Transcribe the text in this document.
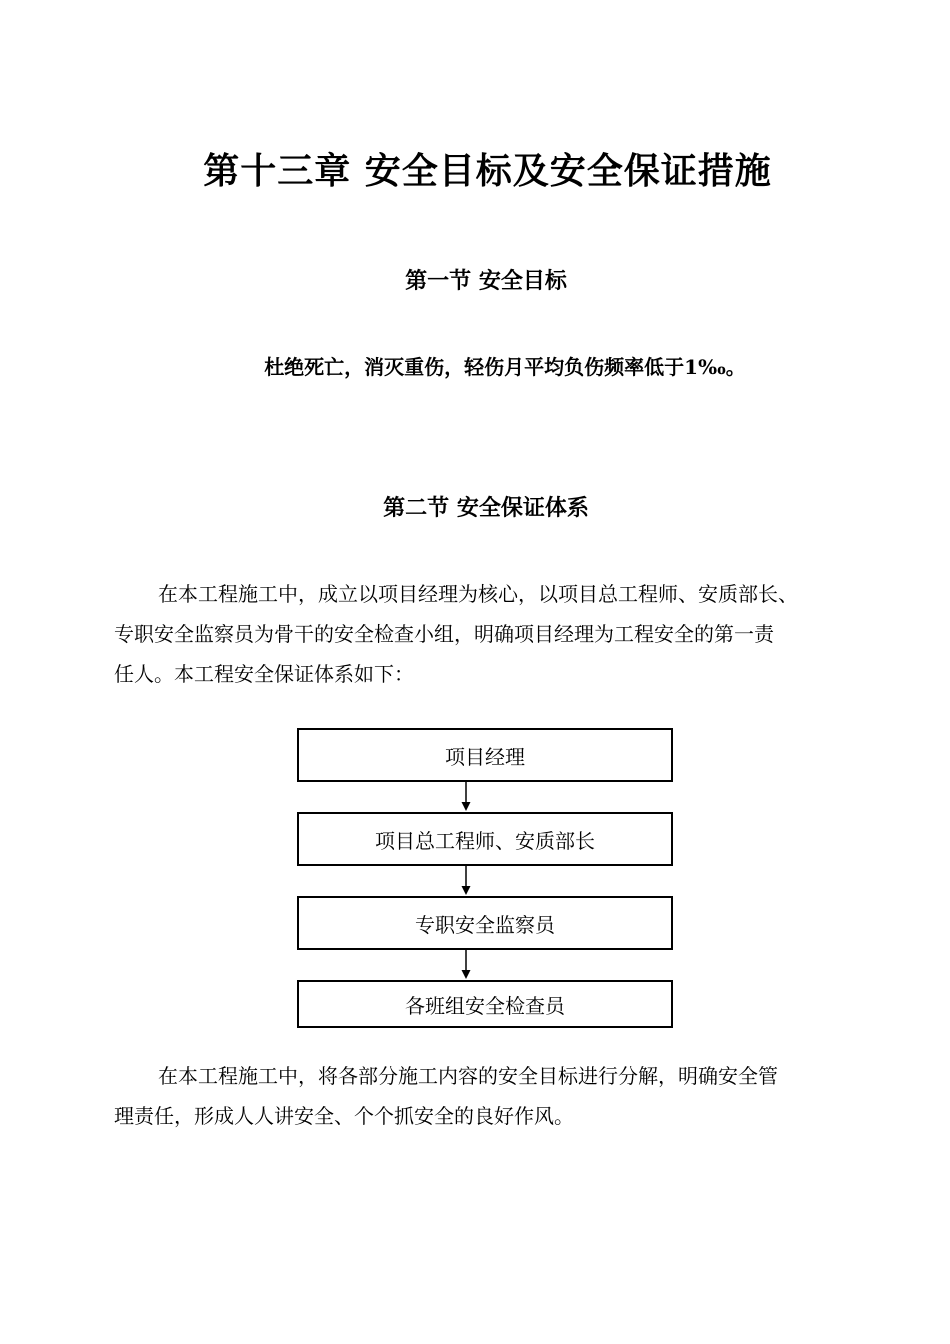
第十三章 安全目标及安全保证措施
第一节 安全目标
杜绝死亡，消灭重伤，轻伤月平均负伤频率低于1‰。
第二节 安全保证体系
在本工程施工中，成立以项目经理为核心，以项目总工程师、安质部长、
专职安全监察员为骨干的安全检查小组，明确项目经理为工程安全的第一责
任人。本工程安全保证体系如下：
项目经理
项目总工程师、安质部长
专职安全监察员
各班组安全检查员
在本工程施工中，将各部分施工内容的安全目标进行分解，明确安全管
理责任，形成人人讲安全、个个抓安全的良好作风。
